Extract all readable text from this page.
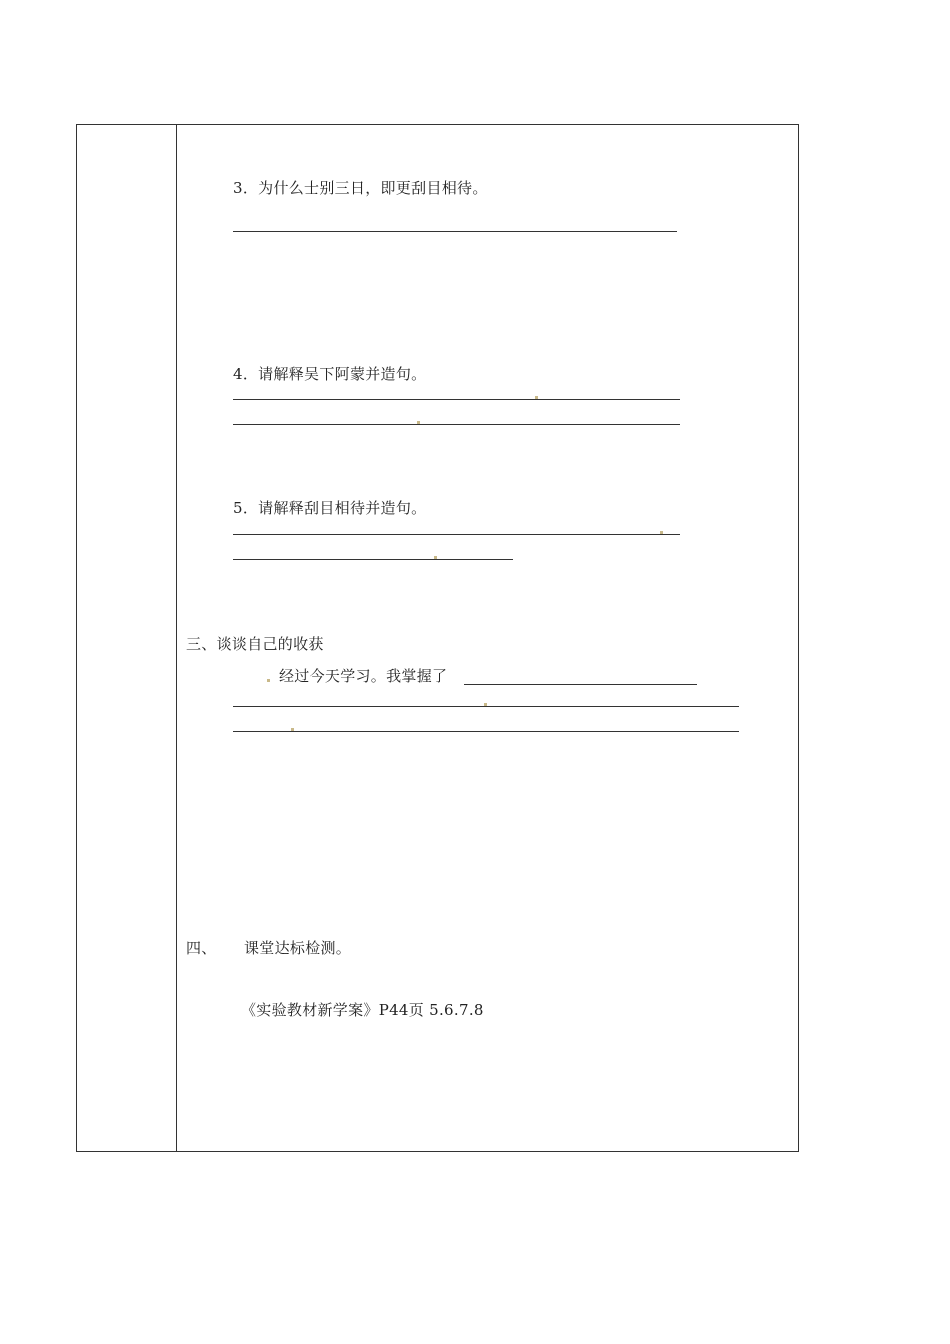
3．为什么士别三日，即更刮目相待。
4．请解释吴下阿蒙并造句。
5．请解释刮目相待并造句。
三、谈谈自己的收获
经过今天学习。我掌握了
四、 课堂达标检测。
《实验教材新学案》P44页 5.6.7.8
